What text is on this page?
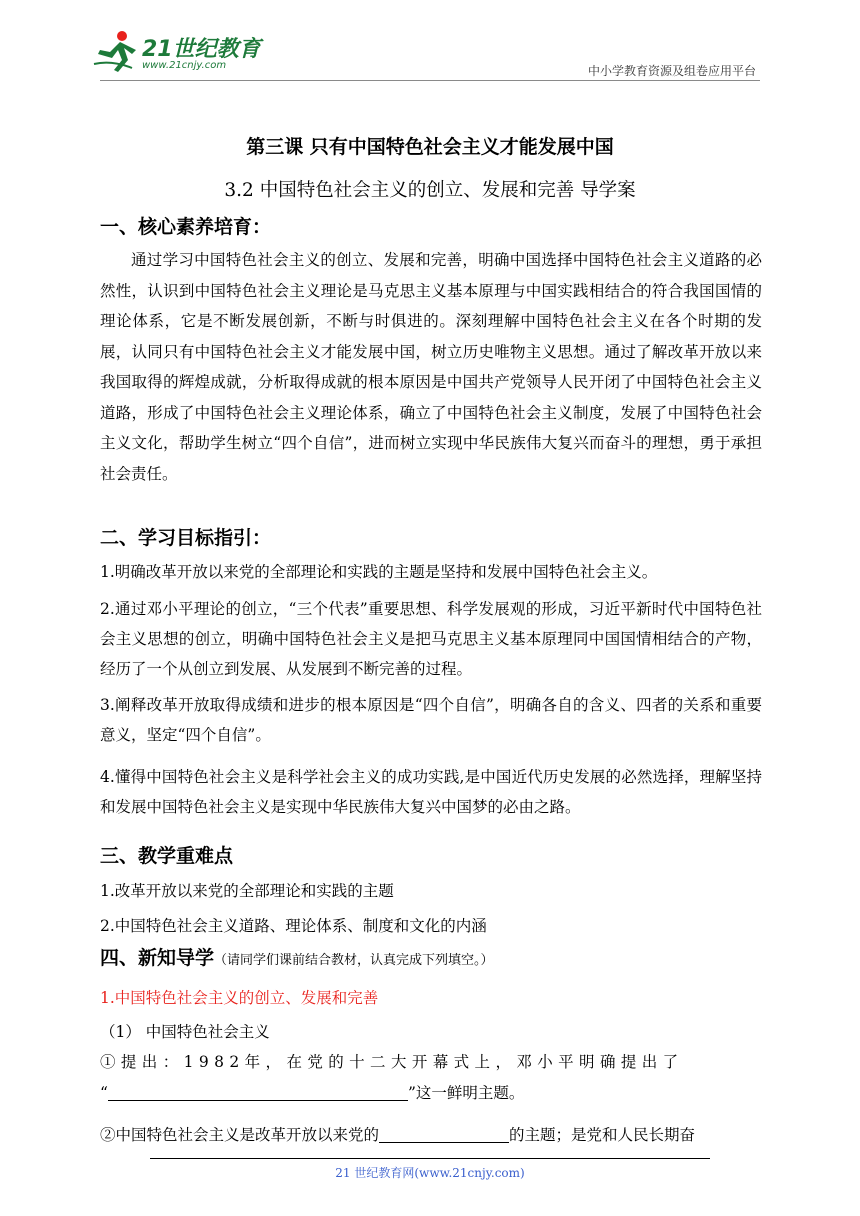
21世纪教育
www.21cnjy.com	中小学教育资源及组卷应用平台
第三课 只有中国特色社会主义才能发展中国
3.2 中国特色社会主义的创立、发展和完善 导学案
一、核心素养培育：
通过学习中国特色社会主义的创立、发展和完善，明确中国选择中国特色社会主义道路的必然性，认识到中国特色社会主义理论是马克思主义基本原理与中国实践相结合的符合我国国情的理论体系，它是不断发展创新，不断与时俱进的。深刻理解中国特色社会主义在各个时期的发展，认同只有中国特色社会主义才能发展中国，树立历史唯物主义思想。通过了解改革开放以来我国取得的辉煌成就，分析取得成就的根本原因是中国共产党领导人民开闭了中国特色社会主义道路，形成了中国特色社会主义理论体系，确立了中国特色社会主义制度，发展了中国特色社会主义文化，帮助学生树立“四个自信”，进而树立实现中华民族伟大复兴而奋斗的理想，勇于承担社会责任。
二、学习目标指引：
1.明确改革开放以来党的全部理论和实践的主题是坚持和发展中国特色社会主义。
2.通过邓小平理论的创立，“三个代表”重要思想、科学发展观的形成，习近平新时代中国特色社会主义思想的创立，明确中国特色社会主义是把马克思主义基本原理同中国国情相结合的产物，经历了一个从创立到发展、从发展到不断完善的过程。
3.阐释改革开放取得成绩和进步的根本原因是“四个自信”，明确各自的含义、四者的关系和重要意义，坚定“四个自信”。
4.懂得中国特色社会主义是科学社会主义的成功实践,是中国近代历史发展的必然选择，理解坚持和发展中国特色社会主义是实现中华民族伟大复兴中国梦的必由之路。
三、教学重难点
1.改革开放以来党的全部理论和实践的主题
2.中国特色社会主义道路、理论体系、制度和文化的内涵
四、新知导学（请同学们课前结合教材，认真完成下列填空。）
1.中国特色社会主义的创立、发展和完善
（1） 中国特色社会主义
①提出：1982年，在党的十二大开幕式上，邓小平明确提出了
“	”这一鲜明主题。
②中国特色社会主义是改革开放以来党的	的主题；是党和人民长期奋
21 世纪教育网(www.21cnjy.com)
